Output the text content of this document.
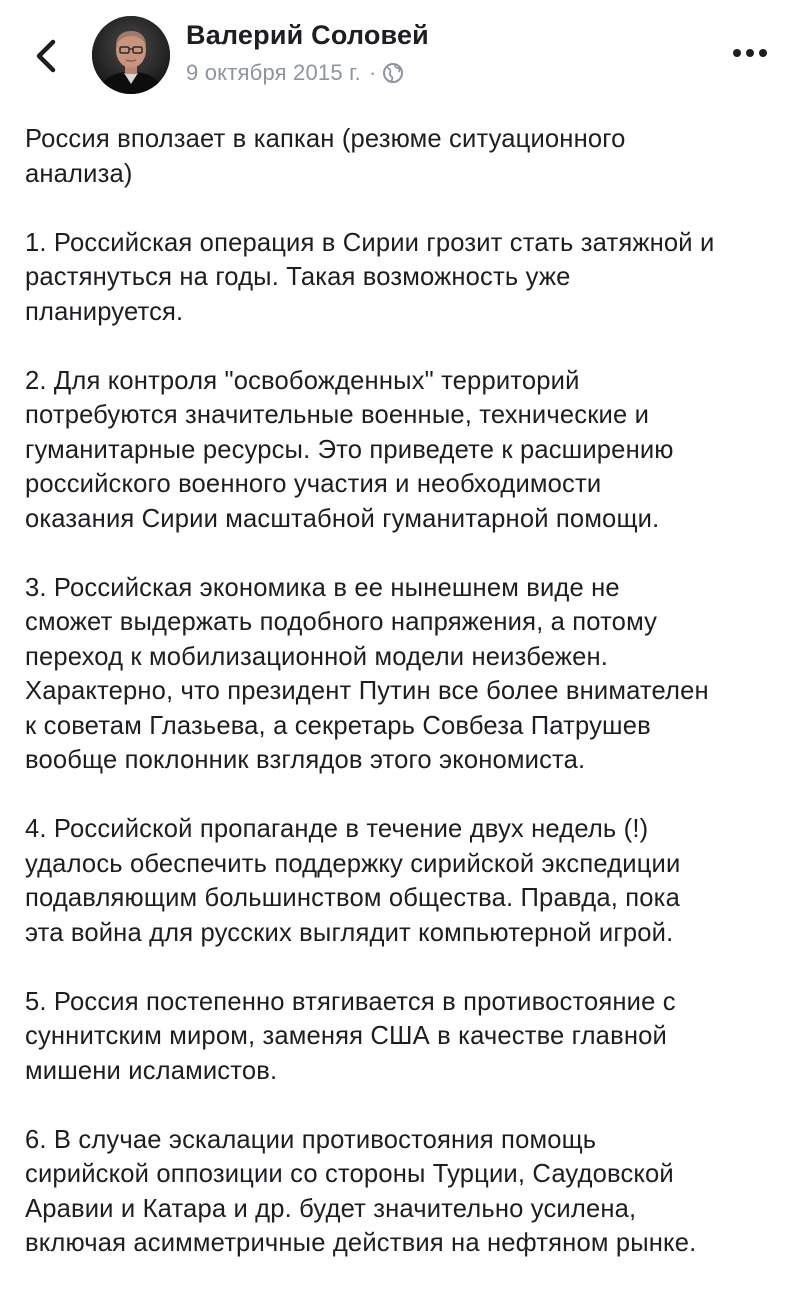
Валерий Соловей
9 октября 2015 г. ·

Россия вползает в капкан (резюме ситуационного
анализа)

1. Российская операция в Сирии грозит стать затяжной и
растянуться на годы. Такая возможность уже
планируется.

2. Для контроля "освобожденных" территорий
потребуются значительные военные, технические и
гуманитарные ресурсы. Это приведете к расширению
российского военного участия и необходимости
оказания Сирии масштабной гуманитарной помощи.

3. Российская экономика в ее нынешнем виде не
сможет выдержать подобного напряжения, а потому
переход к мобилизационной модели неизбежен.
Характерно, что президент Путин все более внимателен
к советам Глазьева, а секретарь Совбеза Патрушев
вообще поклонник взглядов этого экономиста.

4. Российской пропаганде в течение двух недель (!)
удалось обеспечить поддержку сирийской экспедиции
подавляющим большинством общества. Правда, пока
эта война для русских выглядит компьютерной игрой.

5. Россия постепенно втягивается в противостояние с
суннитским миром, заменяя США в качестве главной
мишени исламистов.

6. В случае эскалации противостояния помощь
сирийской оппозиции со стороны Турции, Саудовской
Аравии и Катара и др. будет значительно усилена,
включая асимметричные действия на нефтяном рынке.
